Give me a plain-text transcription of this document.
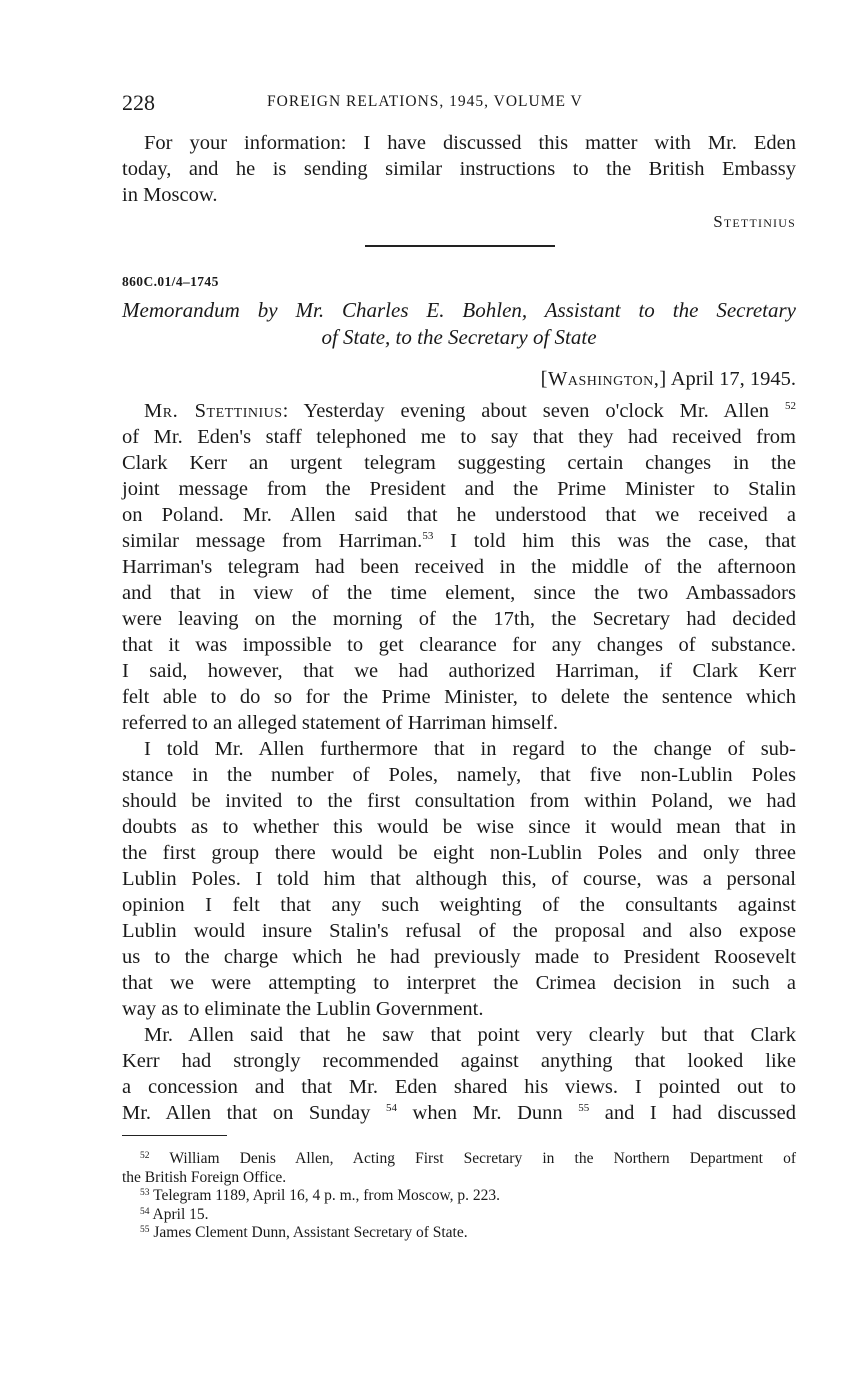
228	FOREIGN RELATIONS, 1945, VOLUME V
For your information: I have discussed this matter with Mr. Eden
today, and he is sending similar instructions to the British Embassy
in Moscow.
Stettinius
860C.01/4–1745
Memorandum by Mr. Charles E. Bohlen, Assistant to the Secretary
of State, to the Secretary of State
[Washington,] April 17, 1945.
Mr. Stettinius: Yesterday evening about seven o'clock Mr. Allen $^{52}$
of Mr. Eden's staff telephoned me to say that they had received from
Clark Kerr an urgent telegram suggesting certain changes in the
joint message from the President and the Prime Minister to Stalin
on Poland. Mr. Allen said that he understood that we received a
similar message from Harriman.$^{53}$ I told him this was the case, that
Harriman's telegram had been received in the middle of the afternoon
and that in view of the time element, since the two Ambassadors
were leaving on the morning of the 17th, the Secretary had decided
that it was impossible to get clearance for any changes of substance.
I said, however, that we had authorized Harriman, if Clark Kerr
felt able to do so for the Prime Minister, to delete the sentence which
referred to an alleged statement of Harriman himself.
I told Mr. Allen furthermore that in regard to the change of sub-
stance in the number of Poles, namely, that five non-Lublin Poles
should be invited to the first consultation from within Poland, we had
doubts as to whether this would be wise since it would mean that in
the first group there would be eight non-Lublin Poles and only three
Lublin Poles. I told him that although this, of course, was a personal
opinion I felt that any such weighting of the consultants against
Lublin would insure Stalin's refusal of the proposal and also expose
us to the charge which he had previously made to President Roosevelt
that we were attempting to interpret the Crimea decision in such a
way as to eliminate the Lublin Government.
Mr. Allen said that he saw that point very clearly but that Clark
Kerr had strongly recommended against anything that looked like
a concession and that Mr. Eden shared his views. I pointed out to
Mr. Allen that on Sunday $^{54}$ when Mr. Dunn $^{55}$ and I had discussed
$^{52}$ William Denis Allen, Acting First Secretary in the Northern Department of
the British Foreign Office.
$^{53}$ Telegram 1189, April 16, 4 p. m., from Moscow, p. 223.
$^{54}$ April 15.
$^{55}$ James Clement Dunn, Assistant Secretary of State.
